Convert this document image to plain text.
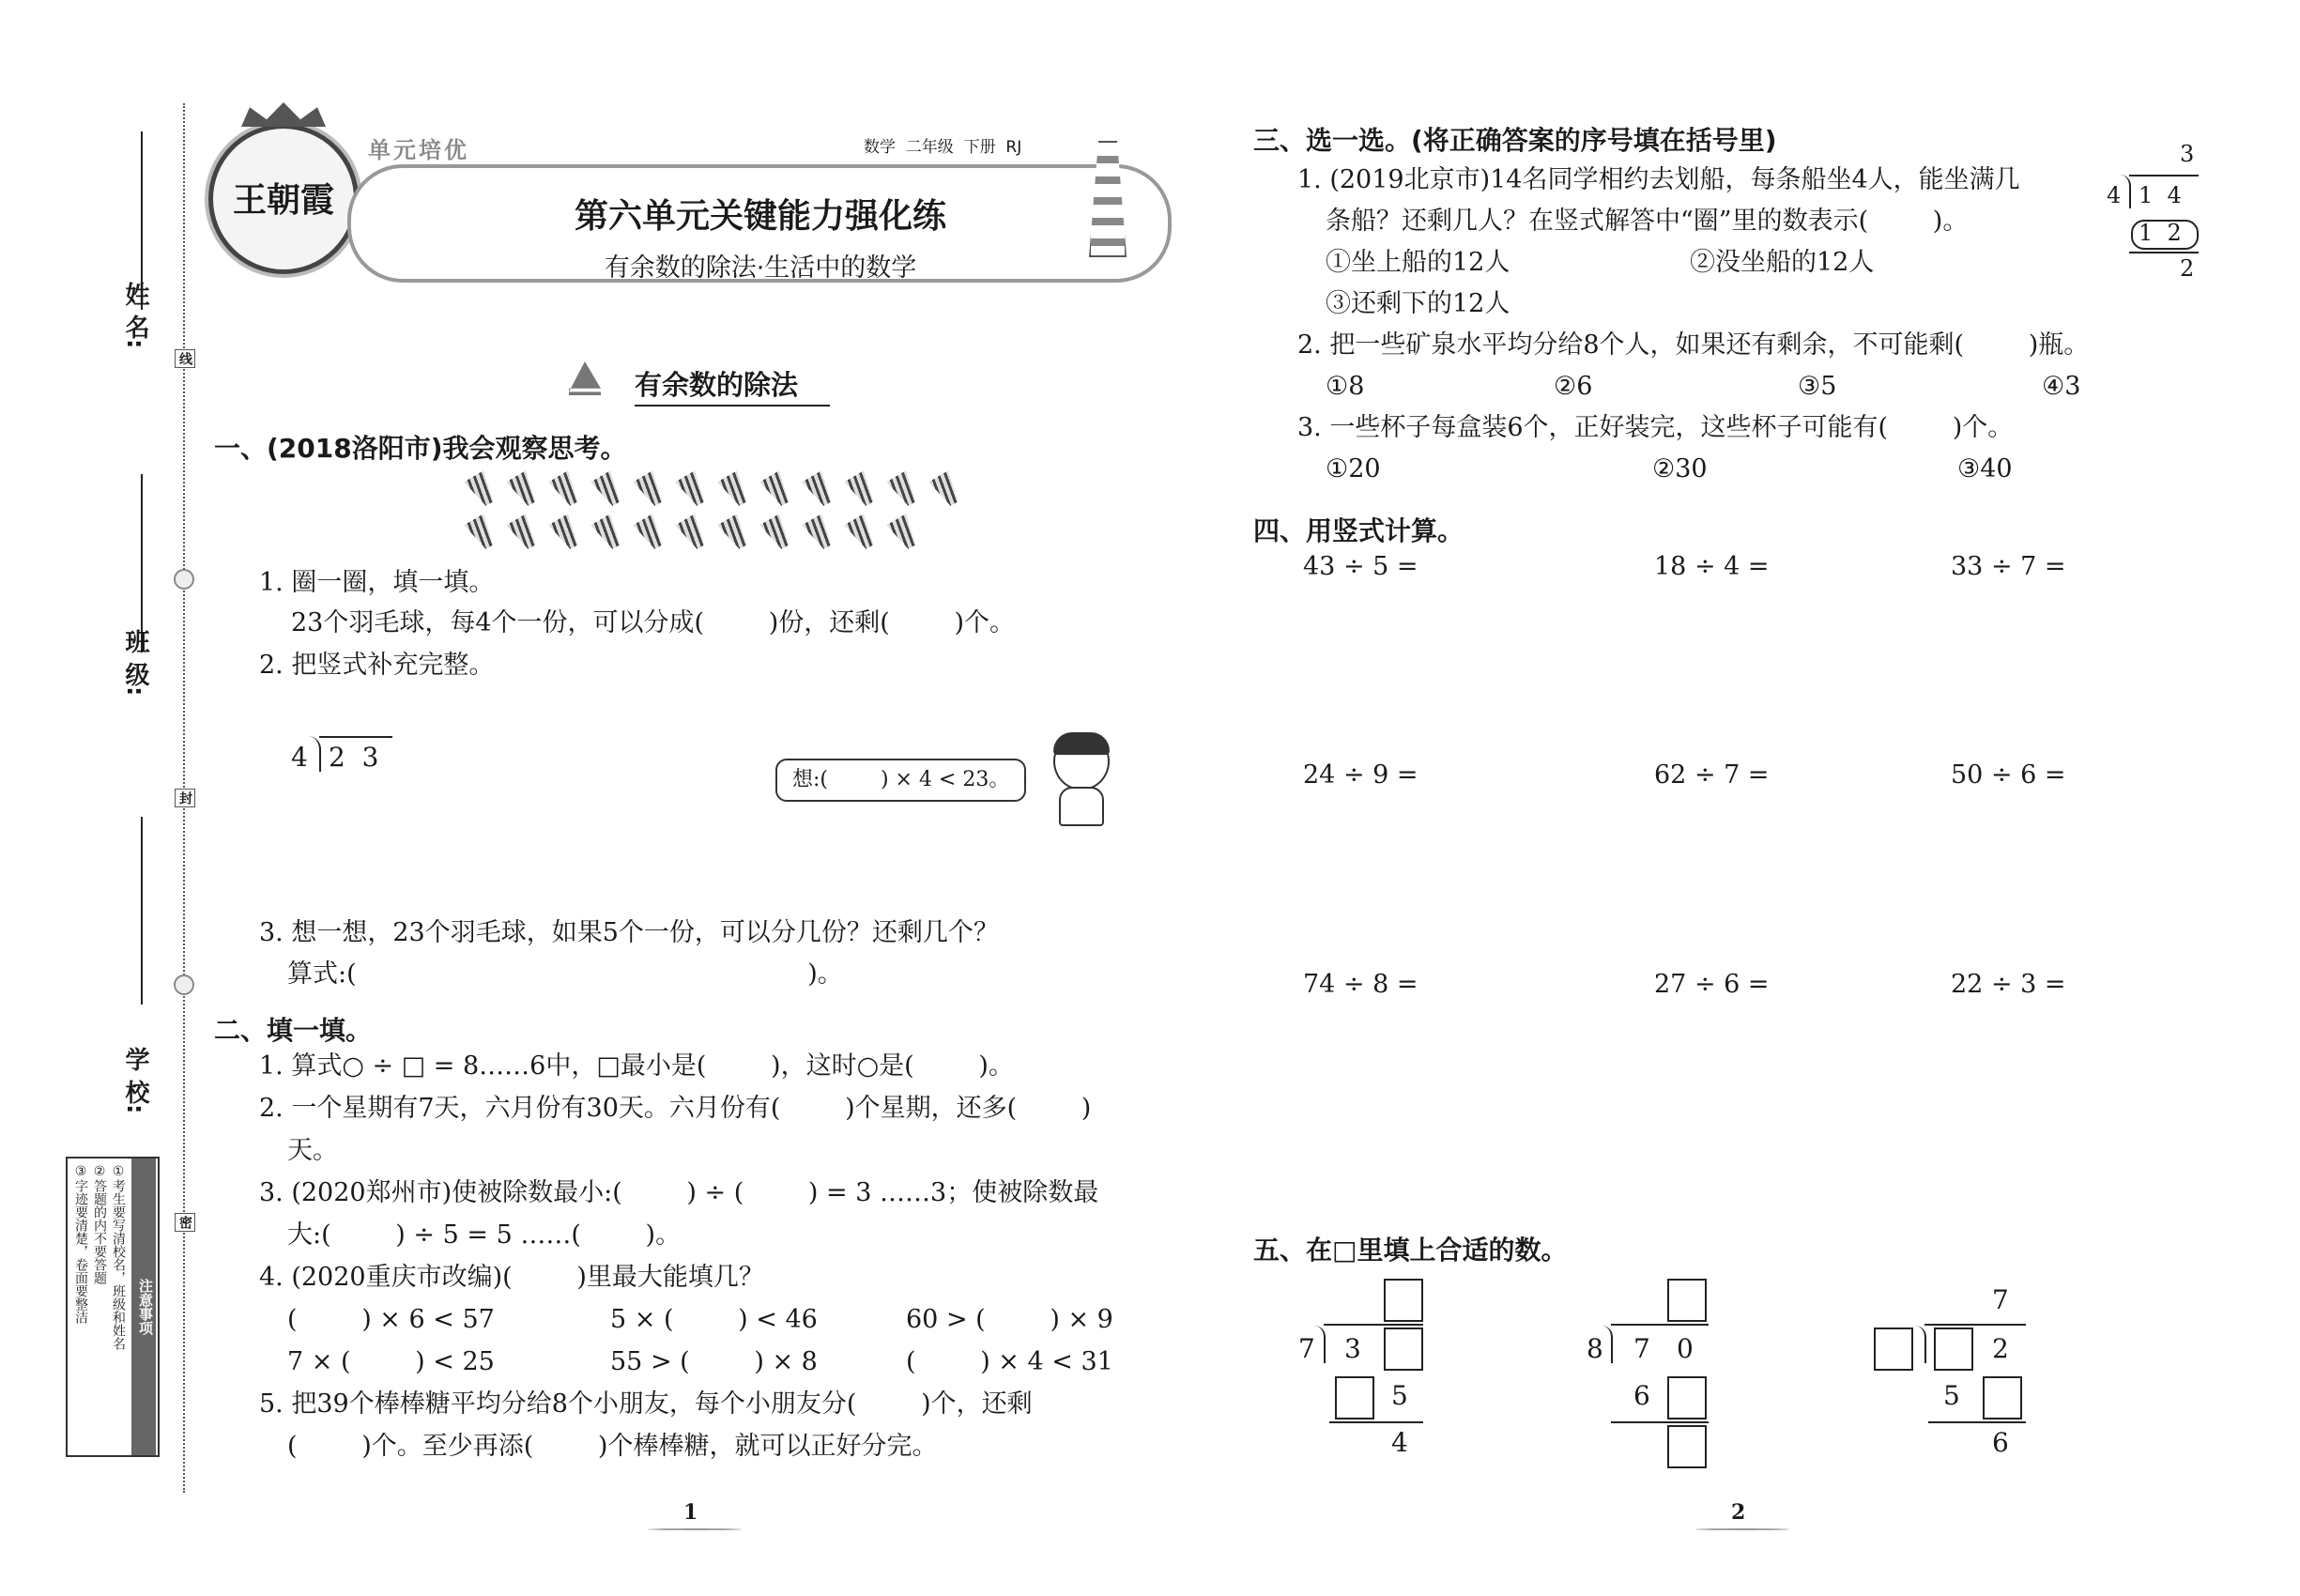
姓 名:
班 级:
学 校:
线
封
密
注意事项
①考生要写清校名，班级和姓名
②答题的内不要答题
③字迹要清楚，卷面要整洁
王朝霞
单元培优	数学  二年级  下册  RJ
第六单元关键能力强化练
有余数的除法·生活中的数学
有余数的除法
一、(2018洛阳市)我会观察思考。
1. 圈一圈，填一填。
23个羽毛球，每4个一份，可以分成(        )份，还剩(        )个。
2. 把竖式补充完整。
4 2  3
想:(        ) × 4 < 23。
3. 想一想，23个羽毛球，如果5个一份，可以分几份？还剩几个？
算式:(                                                        )。
二、填一填。
1. 算式○ ÷ □ = 8……6中，□最小是(        )，这时○是(        )。
2. 一个星期有7天，六月份有30天。六月份有(        )个星期，还多(        )
天。
3. (2020郑州市)使被除数最小:(        ) ÷ (        ) = 3 ……3；使被除数最
大:(        ) ÷ 5 = 5 ……(        )。
4. (2020重庆市改编)(        )里最大能填几？
(        ) × 6 < 57	5 × (        ) < 46	60 > (        ) × 9
7 × (        ) < 25	55 > (        ) × 8	(        ) × 4 < 31
5. 把39个棒棒糖平均分给8个小朋友，每个小朋友分(        )个，还剩
(        )个。至少再添(        )个棒棒糖，就可以正好分完。
1
三、选一选。(将正确答案的序号填在括号里)
1. (2019北京市)14名同学相约去划船，每条船坐4人，能坐满几
条船？还剩几人？在竖式解答中“圈”里的数表示(        )。
①坐上船的12人	②没坐船的12人
③还剩下的12人
3
4 1  4
1  2
2
2. 把一些矿泉水平均分给8个人，如果还有剩余，不可能剩(        )瓶。
①8	②6	③5	④3
3. 一些杯子每盒装6个，正好装完，这些杯子可能有(        )个。
①20	②30	③40
四、用竖式计算。
43 ÷ 5 =	18 ÷ 4 =	33 ÷ 7 =
24 ÷ 9 =	62 ÷ 7 =	50 ÷ 6 =
74 ÷ 8 =	27 ÷ 6 =	22 ÷ 3 =
五、在□里填上合适的数。
7 3
5
4
8 7 0
6
7
2
5
6
2
